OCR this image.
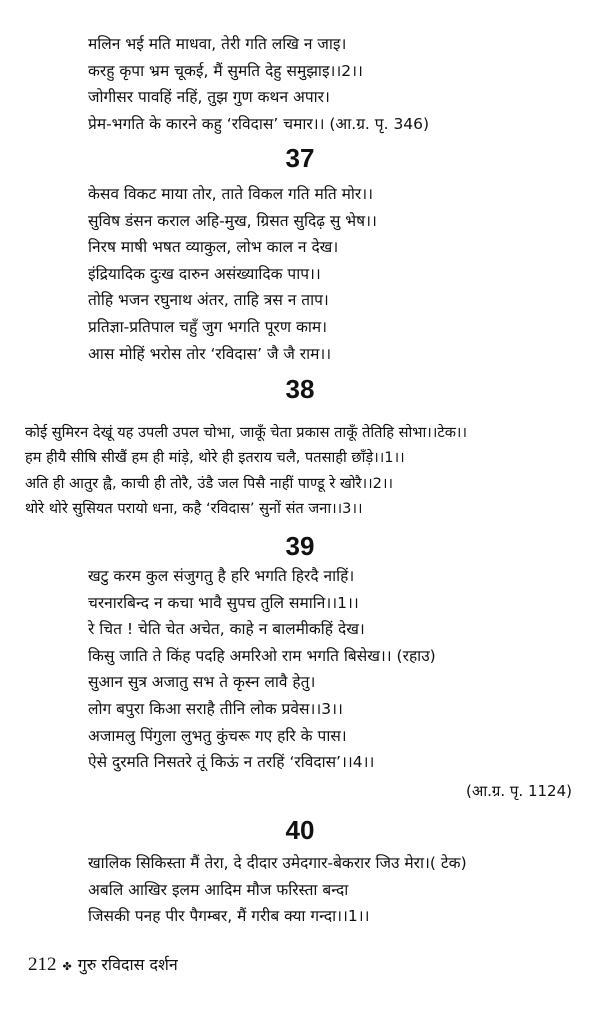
मलिन भई मति माधवा, तेरी गति लखि न जाइ।
करहु कृपा भ्रम चूकई, मैं सुमति देहु समुझाइ।।2।।
जोगीसर पावहिं नहिं, तुझ गुण कथन अपार।
प्रेम-भगति के कारने कहु ‘रविदास’ चमार।। (आ.ग्र. पृ. 346)
37
केसव विकट माया तोर, ताते विकल गति मति मोर।।
सुविष डंसन कराल अहि-मुख, ग्रिसत सुदिढ़ सु भेष।।
निरष माषी भषत व्याकुल, लोभ काल न देख।
इंद्रियादिक दुःख दारुन असंख्यादिक पाप।।
तोहि भजन रघुनाथ अंतर, ताहि त्रस न ताप।
प्रतिज्ञा-प्रतिपाल चहुँ जुग भगति पूरण काम।
आस मोहिं भरोस तोर ‘रविदास’ जै जै राम।।
38
कोई सुमिरन देखूं यह उपली उपल चोभा, जाकूँ चेता प्रकास ताकूँ तेतिहि सोभा।।टेक।।
हम हीयै सीषि सीखैं हम ही मांड़े, थोरे ही इतराय चलै, पतसाही छाँड़े।।1।।
अति ही आतुर ह्वै, काची ही तोरै, उंडै जल पिसै नाहीं पाण्डू रे खोरै।।2।।
थोरे थोरे सुसियत परायो धना, कहै ‘रविदास’ सुनों संत जना।।3।।
39
खटु करम कुल संजुगतु है हरि भगति हिरदै नाहिं।
चरनारबिन्द न कचा भावै सुपच तुलि समानि।।1।।
रे चित ! चेति चेत अचेत, काहे न बालमीकहिं देख।
किसु जाति ते किंह पदहि अमरिओ राम भगति बिसेख।। (रहाउ)
सुआन सुत्र अजातु सभ ते कृस्न लावै हेतु।
लोग बपुरा किआ सराहै तीनि लोक प्रवेस।।3।।
अजामलु पिंगुला लुभतु कुंचरू गए हरि के पास।
ऐसे दुरमति निसतरे तूं किऊं न तरहिं ‘रविदास’।।4।।
(आ.ग्र. पृ. 1124)
40
खालिक सिकिस्ता मैं तेरा, दे दीदार उमेदगार-बेकरार जिउ मेरा।( टेक)
अबलि आखिर इलम आदिम मौज फरिस्ता बन्दा
जिसकी पनह पीर पैगम्बर, मैं गरीब क्या गन्दा।।1।।
212 ✤ गुरु रविदास दर्शन
